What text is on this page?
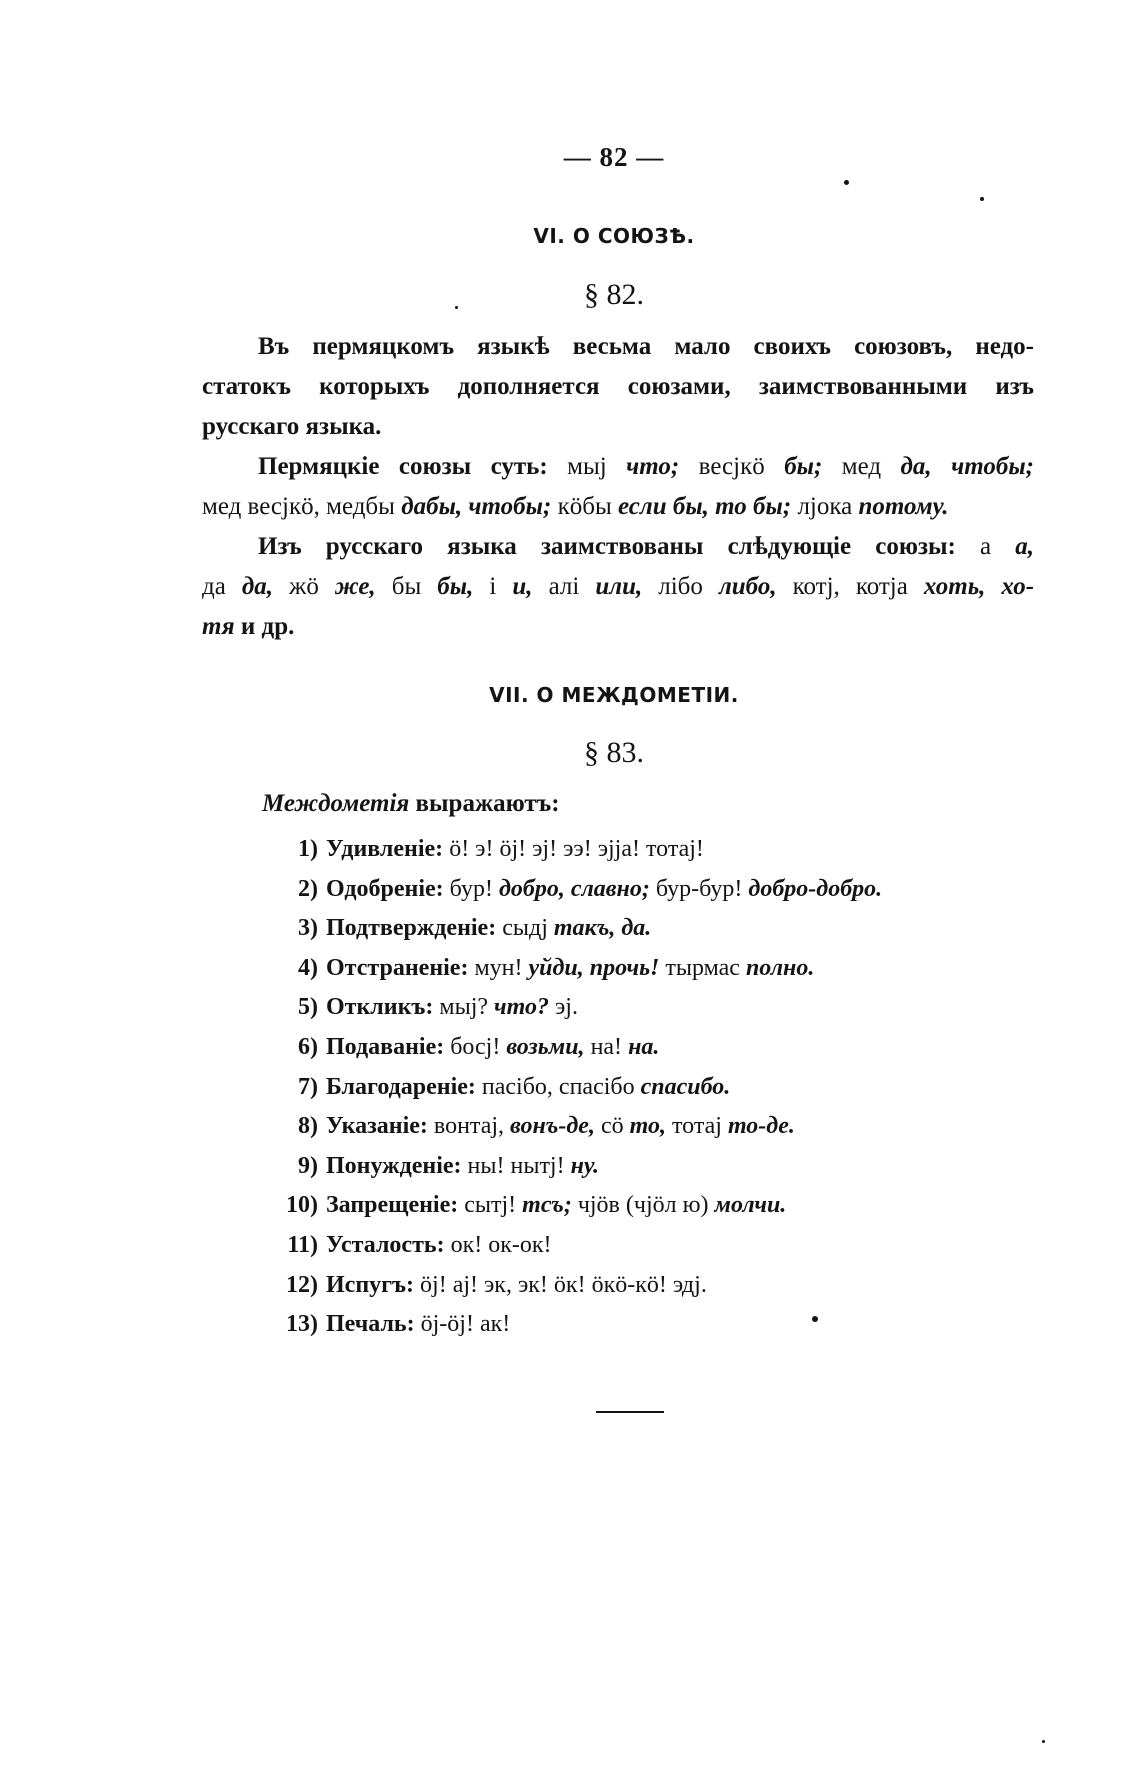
— 82 —
VI. О СОЮЗѢ.
§ 82.
Въ пермяцкомъ языкѣ весьма мало своихъ союзовъ, недо-
статокъ которыхъ дополняется союзами, заимствованными изъ
русскаго языка.
Пермяцкіе союзы суть: мыј что; весјкö бы; мед да, чтобы;
мед весјкö, медбы дабы, чтобы; кöбы если бы, то бы; лјока потому.
Изъ русскаго языка заимствованы слѣдующіе союзы: а а,
да да, жö же, бы бы, і и, алі или, лібо либо, котј, котја хоть, хо-
тя и др.
VII. О МЕЖДОМЕТІИ.
§ 83.
Междометія выражаютъ:
1) Удивленіе: ö! э! öј! эј! ээ! эјја! тотај!
2) Одобреніе: бур! добро, славно; бур-бур! добро-добро.
3) Подтвержденіе: сыдј такъ, да.
4) Отстраненіе: мун! уйди, прочь! тырмас полно.
5) Откликъ: мыј? что? эј.
6) Подаваніе: босј! возьми, на! на.
7) Благодареніе: пасібо, спасібо спасибо.
8) Указаніе: вонтај, вонъ-де, сö то, тотај то-де.
9) Понужденіе: ны! нытј! ну.
10) Запрещеніе: сытј! тсъ; чјöв (чјöл ю) молчи.
11) Усталость: ок! ок-ок!
12) Испугъ: öј! ај! эк, эк! öк! öкö-кö! эдј.
13) Печаль: öј-öј! ак!
